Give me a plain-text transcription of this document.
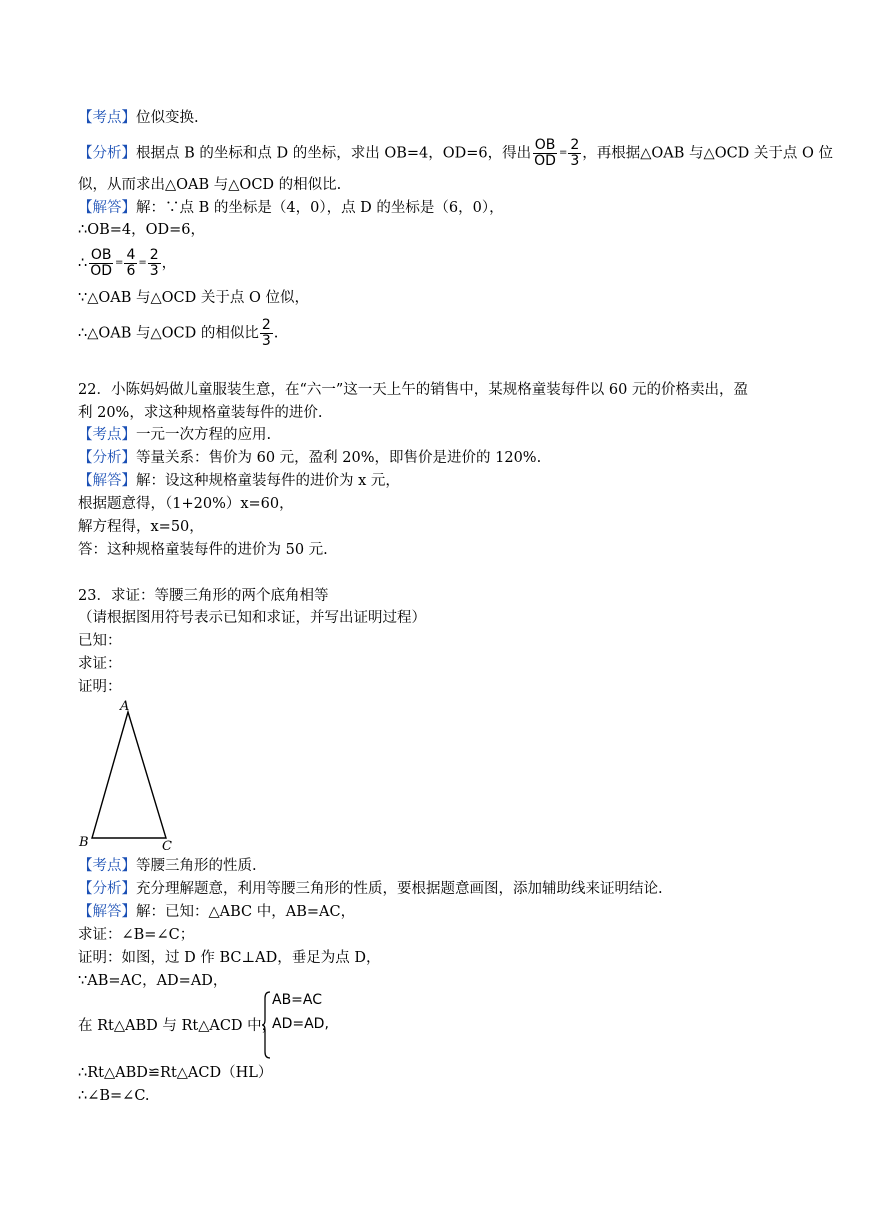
【考点】位似变换.
【分析】根据点 B 的坐标和点 D 的坐标，求出 OB=4，OD=6，得出 $\frac{OB}{OD} = \frac{2}{3}$ ，再根据△OAB 与△OCD 关于点 O 位
似，从而求出△OAB 与△OCD 的相似比.
【解答】解：∵点 B 的坐标是（4，0），点 D 的坐标是（6，0），
∴OB=4，OD=6，
∴ $\frac{OB}{OD} = \frac{4}{6} = \frac{2}{3}$ ，
∵△OAB 与△OCD 关于点 O 位似，
∴△OAB 与△OCD 的相似比 $\frac{2}{3}$ .
22．小陈妈妈做儿童服装生意，在“六一”这一天上午的销售中，某规格童装每件以 60 元的价格卖出，盈
利 20%，求这种规格童装每件的进价.
【考点】一元一次方程的应用.
【分析】等量关系：售价为 60 元，盈利 20%，即售价是进价的 120%.
【解答】解：设这种规格童装每件的进价为 x 元，
根据题意得，（1+20%）x=60，
解方程得，x=50，
答：这种规格童装每件的进价为 50 元.
23．求证：等腰三角形的两个底角相等
（请根据图用符号表示已知和求证，并写出证明过程）
已知：
求证：
证明：
A
B	C
【考点】等腰三角形的性质.
【分析】充分理解题意，利用等腰三角形的性质，要根据题意画图，添加辅助线来证明结论.
【解答】解：已知：△ABC 中，AB=AC，
求证：∠B=∠C；
证明：如图，过 D 作 BC⊥AD，垂足为点 D，
∵AB=AC，AD=AD，
在 Rt△ABD 与 Rt△ACD 中，
AB=AC
AD=AD,
∴Rt△ABD≌Rt△ACD（HL）
∴∠B=∠C.
